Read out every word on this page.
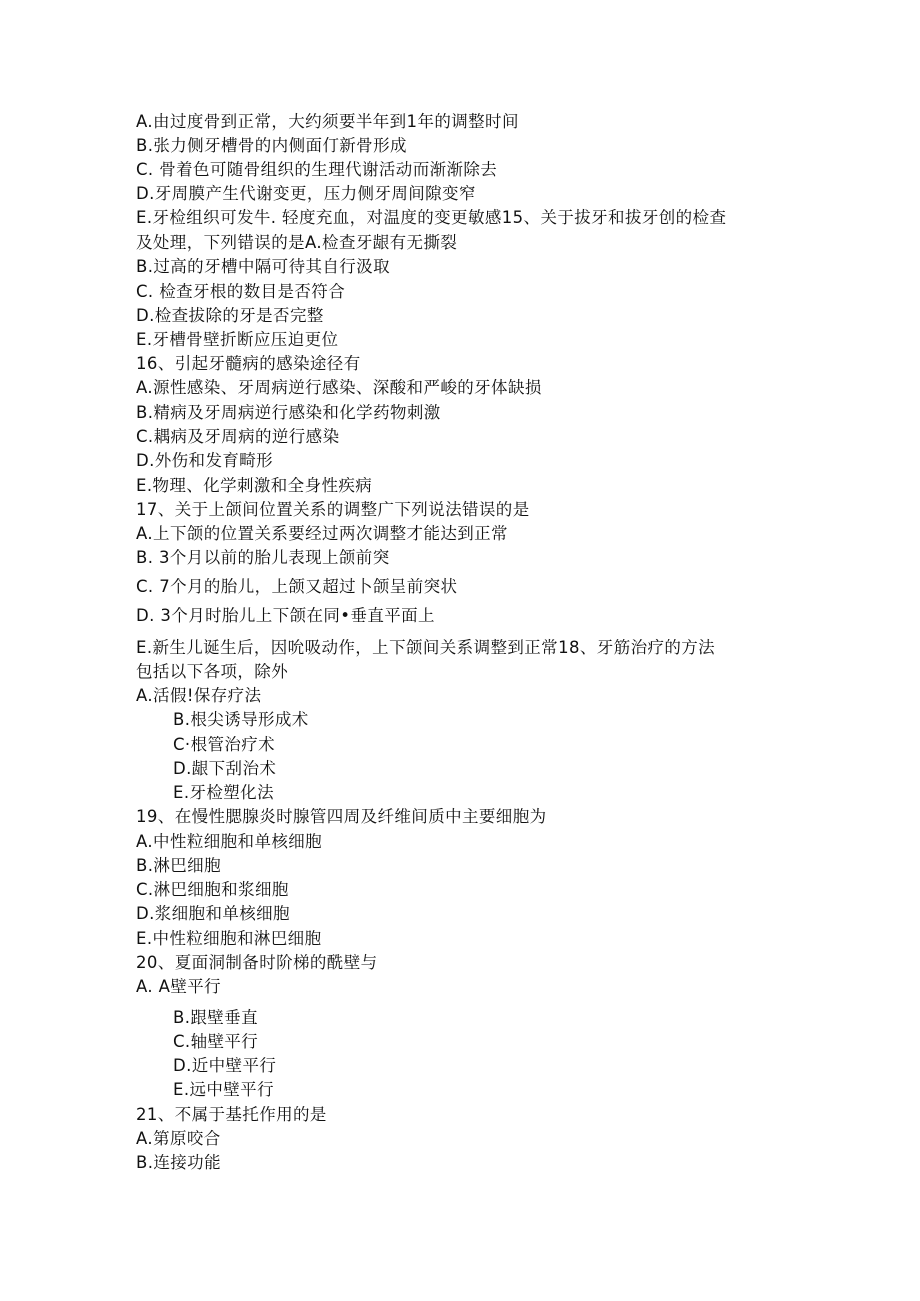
A.由过度骨到正常，大约须要半年到1年的调整时间
B.张力侧牙槽骨的内侧面仃新骨形成
C. 骨着色可随骨组织的生理代谢活动而渐渐除去
D.牙周膜产生代谢变更，压力侧牙周间隙变窄
E.牙检组织可发牛. 轻度充血，对温度的变更敏感15、关于拔牙和拔牙创的检查
及处理，下列错误的是A.检查牙龈有无撕裂
B.过高的牙槽中隔可待其自行汲取
C. 检查牙根的数目是否符合
D.检查拔除的牙是否完整
E.牙槽骨壁折断应压迫更位
16、引起牙髓病的感染途径有
A.源性感染、牙周病逆行感染、深酸和严峻的牙体缺损
B.精病及牙周病逆行感染和化学药物刺激
C.耦病及牙周病的逆行感染
D.外伤和发育畸形
E.物理、化学刺激和全身性疾病
17、关于上颌间位置关系的调整广下列说法错误的是
A.上下颌的位置关系要经过两次调整才能达到正常
B. 3个月以前的胎儿表现上颌前突
C. 7个月的胎儿，上颌又超过卜颌呈前突状
D. 3个月时胎儿上下颌在同•垂直平面上
E.新生儿诞生后，因吮吸动作，上下颌间关系调整到正常18、牙筋治疗的方法
包括以下各项，除外
A.活假!保存疗法
B.根尖诱导形成术
C·根管治疗术
D.龈下刮治术
E.牙检塑化法
19、在慢性腮腺炎时腺管四周及纤维间质中主要细胞为
A.中性粒细胞和单核细胞
B.淋巴细胞
C.淋巴细胞和浆细胞
D.浆细胞和单核细胞
E.中性粒细胞和淋巴细胞
20、夏面洞制备时阶梯的酰壁与
A. A壁平行
B.跟壁垂直
C.轴壁平行
D.近中壁平行
E.远中壁平行
21、不属于基托作用的是
A.第原咬合
B.连接功能
